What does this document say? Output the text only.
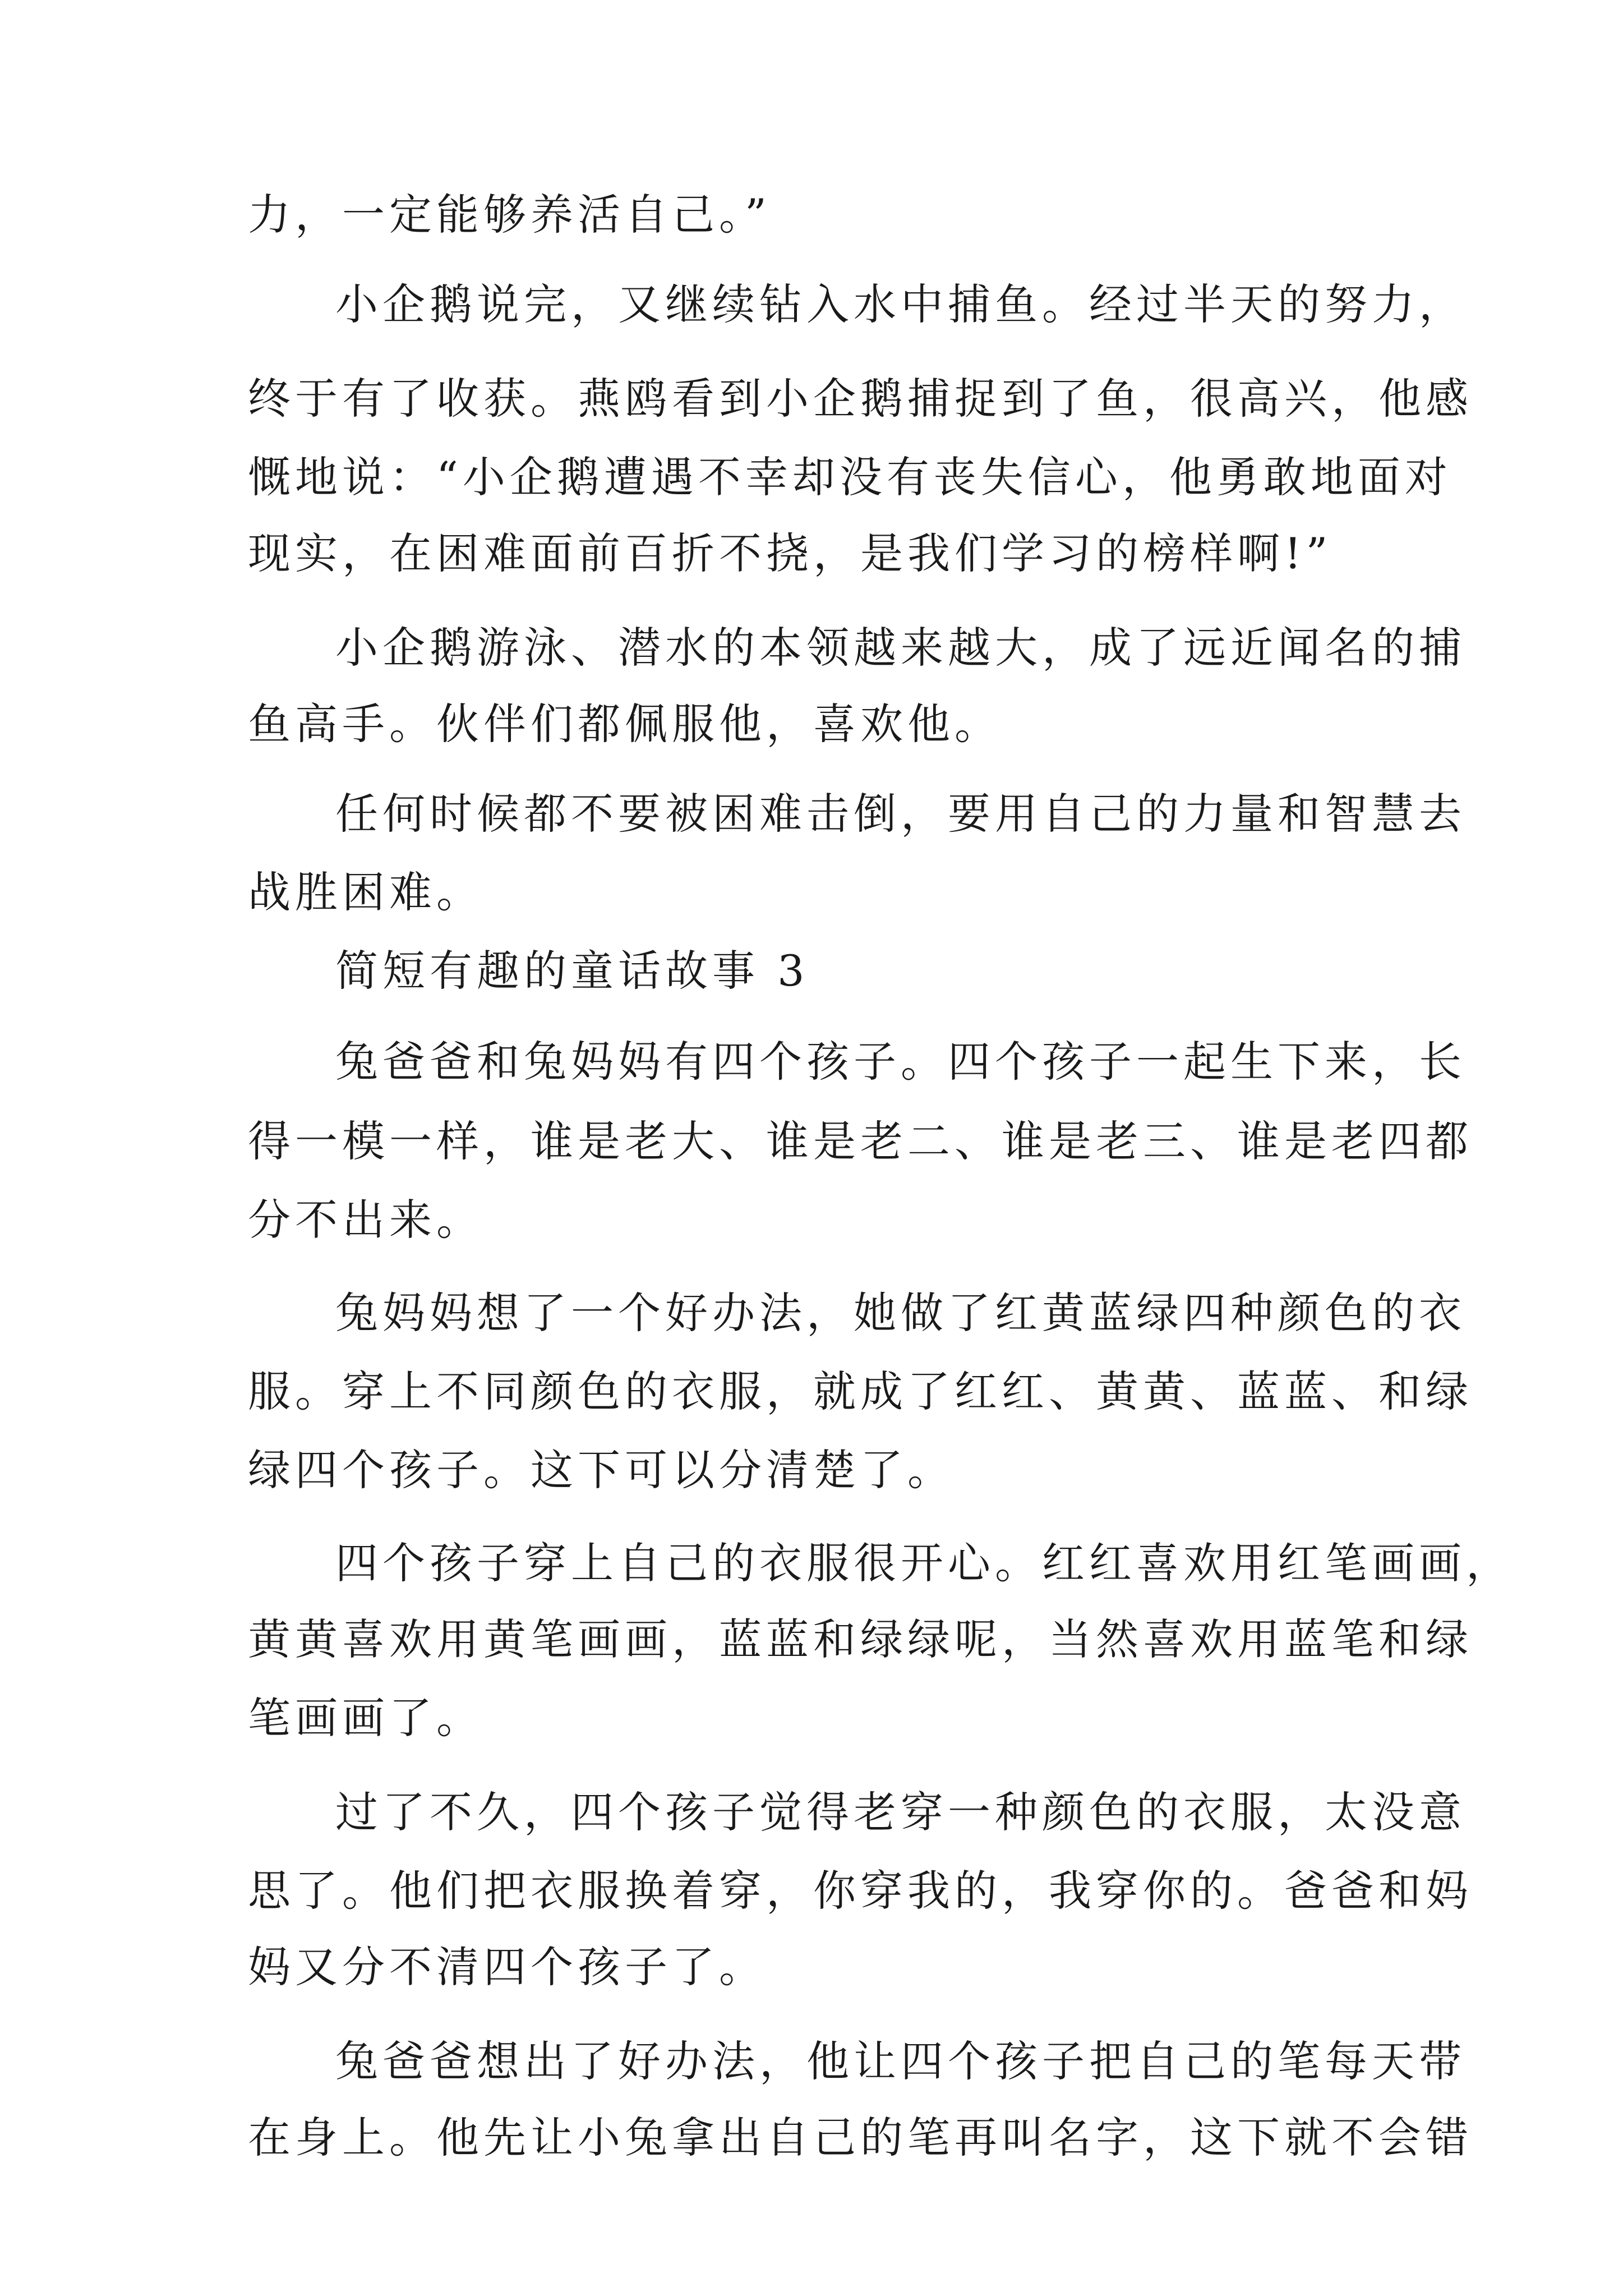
力，一定能够养活自己。”
小企鹅说完，又继续钻入水中捕鱼。经过半天的努力，
终于有了收获。燕鸥看到小企鹅捕捉到了鱼，很高兴，他感
慨地说：“小企鹅遭遇不幸却没有丧失信心，他勇敢地面对
现实，在困难面前百折不挠，是我们学习的榜样啊!”
小企鹅游泳、潜水的本领越来越大，成了远近闻名的捕
鱼高手。伙伴们都佩服他，喜欢他。
任何时候都不要被困难击倒，要用自己的力量和智慧去
战胜困难。
简短有趣的童话故事 3
兔爸爸和兔妈妈有四个孩子。四个孩子一起生下来，长
得一模一样，谁是老大、谁是老二、谁是老三、谁是老四都
分不出来。
兔妈妈想了一个好办法，她做了红黄蓝绿四种颜色的衣
服。穿上不同颜色的衣服，就成了红红、黄黄、蓝蓝、和绿
绿四个孩子。这下可以分清楚了。
四个孩子穿上自己的衣服很开心。红红喜欢用红笔画画，
黄黄喜欢用黄笔画画，蓝蓝和绿绿呢，当然喜欢用蓝笔和绿
笔画画了。
过了不久，四个孩子觉得老穿一种颜色的衣服，太没意
思了。他们把衣服换着穿，你穿我的，我穿你的。爸爸和妈
妈又分不清四个孩子了。
兔爸爸想出了好办法，他让四个孩子把自己的笔每天带
在身上。他先让小兔拿出自己的笔再叫名字，这下就不会错
